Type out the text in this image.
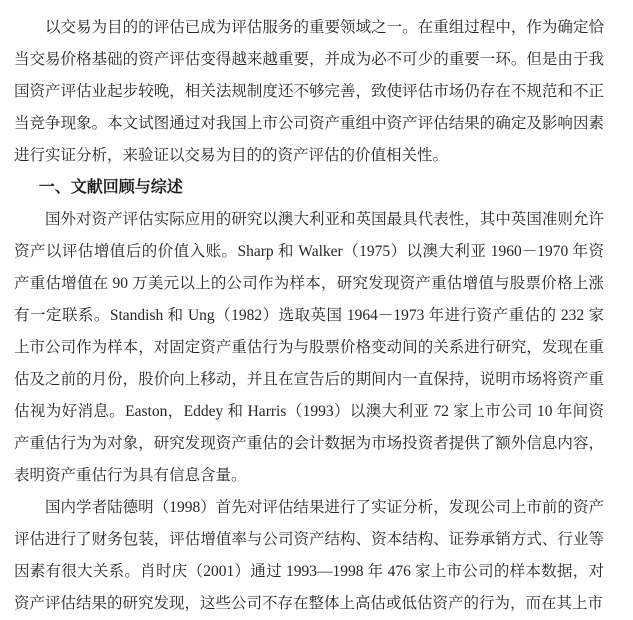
以交易为目的的评估已成为评估服务的重要领域之一。在重组过程中，作为确定恰当交易价格基础的资产评估变得越来越重要，并成为必不可少的重要一环。但是由于我国资产评估业起步较晚，相关法规制度还不够完善，致使评估市场仍存在不规范和不正当竞争现象。本文试图通过对我国上市公司资产重组中资产评估结果的确定及影响因素进行实证分析，来验证以交易为目的的资产评估的价值相关性。

一、文献回顾与综述

国外对资产评估实际应用的研究以澳大利亚和英国最具代表性，其中英国准则允许资产以评估增值后的价值入账。Sharp 和 Walker（1975）以澳大利亚 1960－1970 年资产重估增值在 90 万美元以上的公司作为样本，研究发现资产重估增值与股票价格上涨有一定联系。Standish 和 Ung（1982）选取英国 1964－1973 年进行资产重估的 232 家上市公司作为样本，对固定资产重估行为与股票价格变动间的关系进行研究，发现在重估及之前的月份，股价向上移动，并且在宣告后的期间内一直保持，说明市场将资产重估视为好消息。Easton，Eddey 和 Harris（1993）以澳大利亚 72 家上市公司 10 年间资产重估行为为对象，研究发现资产重估的会计数据为市场投资者提供了额外信息内容，表明资产重估行为具有信息含量。

国内学者陆德明（1998）首先对评估结果进行了实证分析，发现公司上市前的资产评估进行了财务包装，评估增值率与公司资产结构、资本结构、证券承销方式、行业等因素有很大关系。肖时庆（2001）通过 1993—1998 年 476 家上市公司的样本数据，对资产评估结果的研究发现，这些公司不存在整体上高估或低估资产的行为，而在其上市
